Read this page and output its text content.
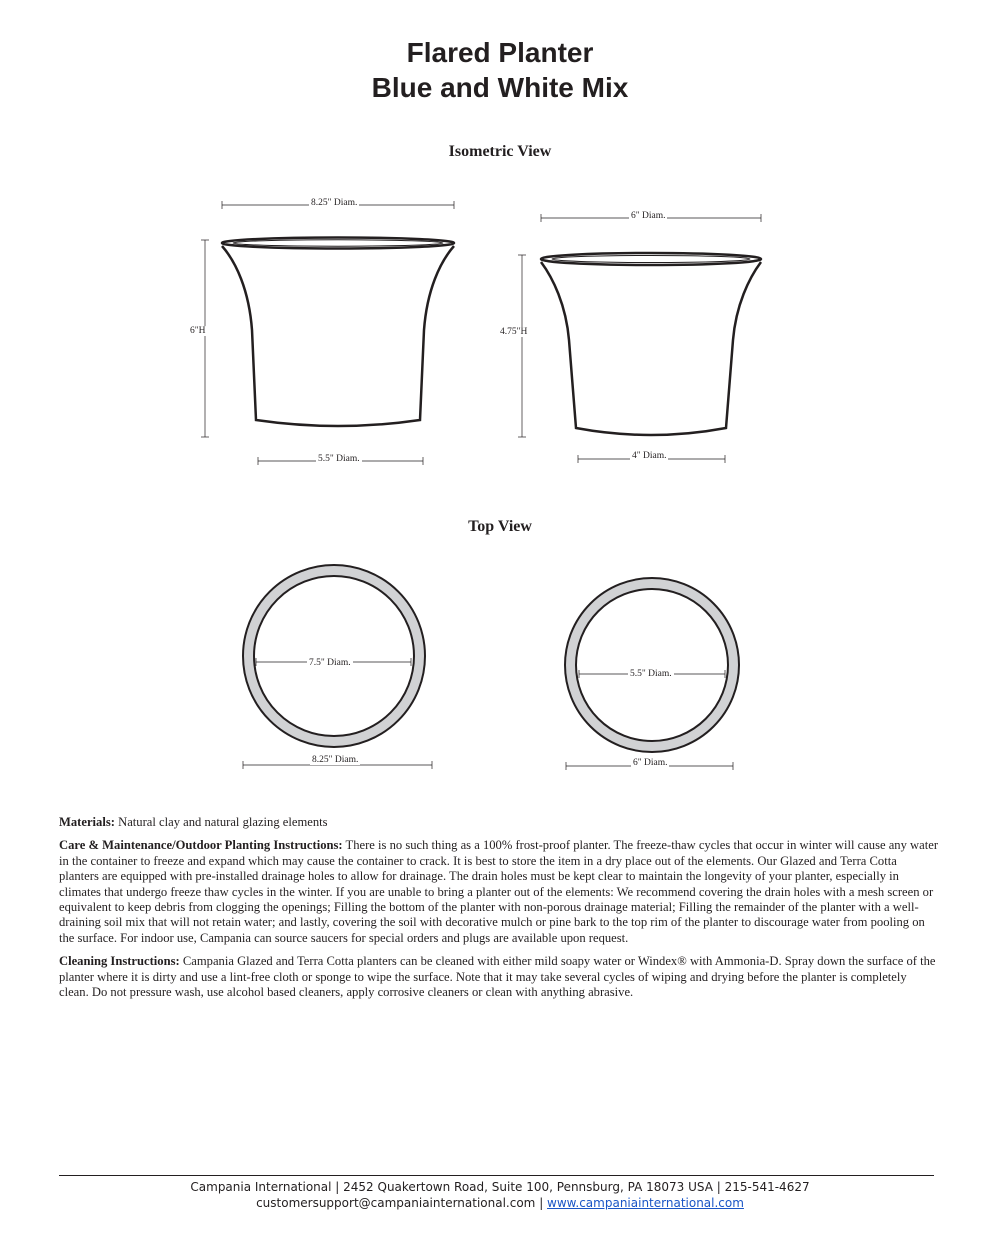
Flared Planter
Blue and White Mix
Isometric View
8.25" Diam.
6"H
5.5" Diam.
6" Diam.
4.75"H
4" Diam.
Top View
7.5" Diam.
8.25" Diam.
5.5" Diam.
6" Diam.

Materials: Natural clay and natural glazing elements

Care & Maintenance/Outdoor Planting Instructions: There is no such thing as a 100% frost-proof planter. The freeze-thaw cycles that occur in winter will cause any water in the container to freeze and expand which may cause the container to crack. It is best to store the item in a dry place out of the elements. Our Glazed and Terra Cotta planters are equipped with pre-installed drainage holes to allow for drainage. The drain holes must be kept clear to maintain the longevity of your planter, especially in climates that undergo freeze thaw cycles in the winter. If you are unable to bring a planter out of the elements: We recommend covering the drain holes with a mesh screen or equivalent to keep debris from clogging the openings; Filling the bottom of the planter with non-porous drainage material; Filling the remainder of the planter with a well-draining soil mix that will not retain water; and lastly, covering the soil with decorative mulch or pine bark to the top rim of the planter to discourage water from pooling on the surface. For indoor use, Campania can source saucers for special orders and plugs are available upon request.

Cleaning Instructions: Campania Glazed and Terra Cotta planters can be cleaned with either mild soapy water or Windex® with Ammonia-D. Spray down the surface of the planter where it is dirty and use a lint-free cloth or sponge to wipe the surface. Note that it may take several cycles of wiping and drying before the planter is completely clean. Do not pressure wash, use alcohol based cleaners, apply corrosive cleaners or clean with anything abrasive.

Campania International | 2452 Quakertown Road, Suite 100, Pennsburg, PA 18073 USA | 215-541-4627
customersupport@campaniainternational.com | www.campaniainternational.com
